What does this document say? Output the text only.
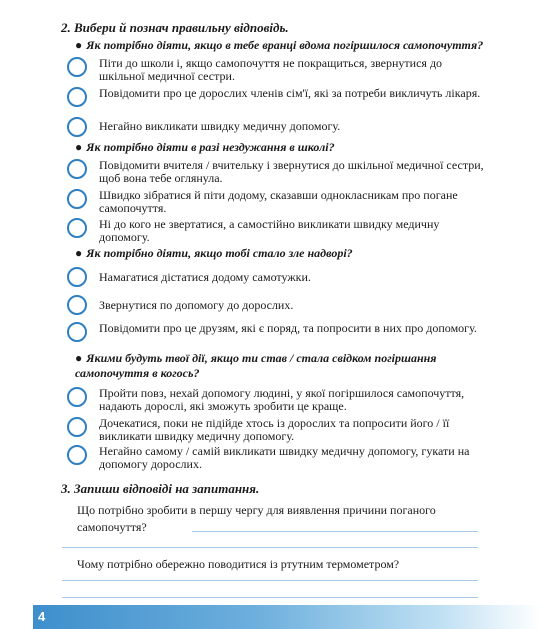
2. Вибери й познач правильну відповідь.
● Як потрібно діяти, якщо в тебе вранці вдома погіршилося самопочуття?
Піти до школи і, якщо самопочуття не покращиться, звернутися до шкільної медичної сестри.
Повідомити про це дорослих членів сім'ї, які за потреби викличуть лікаря.
Негайно викликати швидку медичну допомогу.
● Як потрібно діяти в разі нездужання в школі?
Повідомити вчителя / вчительку і звернутися до шкільної медичної сестри, щоб вона тебе оглянула.
Швидко зібратися й піти додому, сказавши однокласникам про погане самопочуття.
Ні до кого не звертатися, а самостійно викликати швидку медичну допомогу.
● Як потрібно діяти, якщо тобі стало зле надворі?
Намагатися дістатися додому самотужки.
Звернутися по допомогу до дорослих.
Повідомити про це друзям, які є поряд, та попросити в них про допомогу.
● Якими будуть твої дії, якщо ти став / стала свідком погіршання самопочуття в когось?
Пройти повз, нехай допомогу людині, у якої погіршилося самопочуття, надають дорослі, які зможуть зробити це краще.
Дочекатися, поки не підійде хтось із дорослих та попросити його / її викликати швидку медичну допомогу.
Негайно самому / самій викликати швидку медичну допомогу, гукати на допомогу дорослих.
3. Запиши відповіді на запитання.
Що потрібно зробити в першу чергу для виявлення причини поганого самопочуття?
Чому потрібно обережно поводитися із ртутним термометром?
4
